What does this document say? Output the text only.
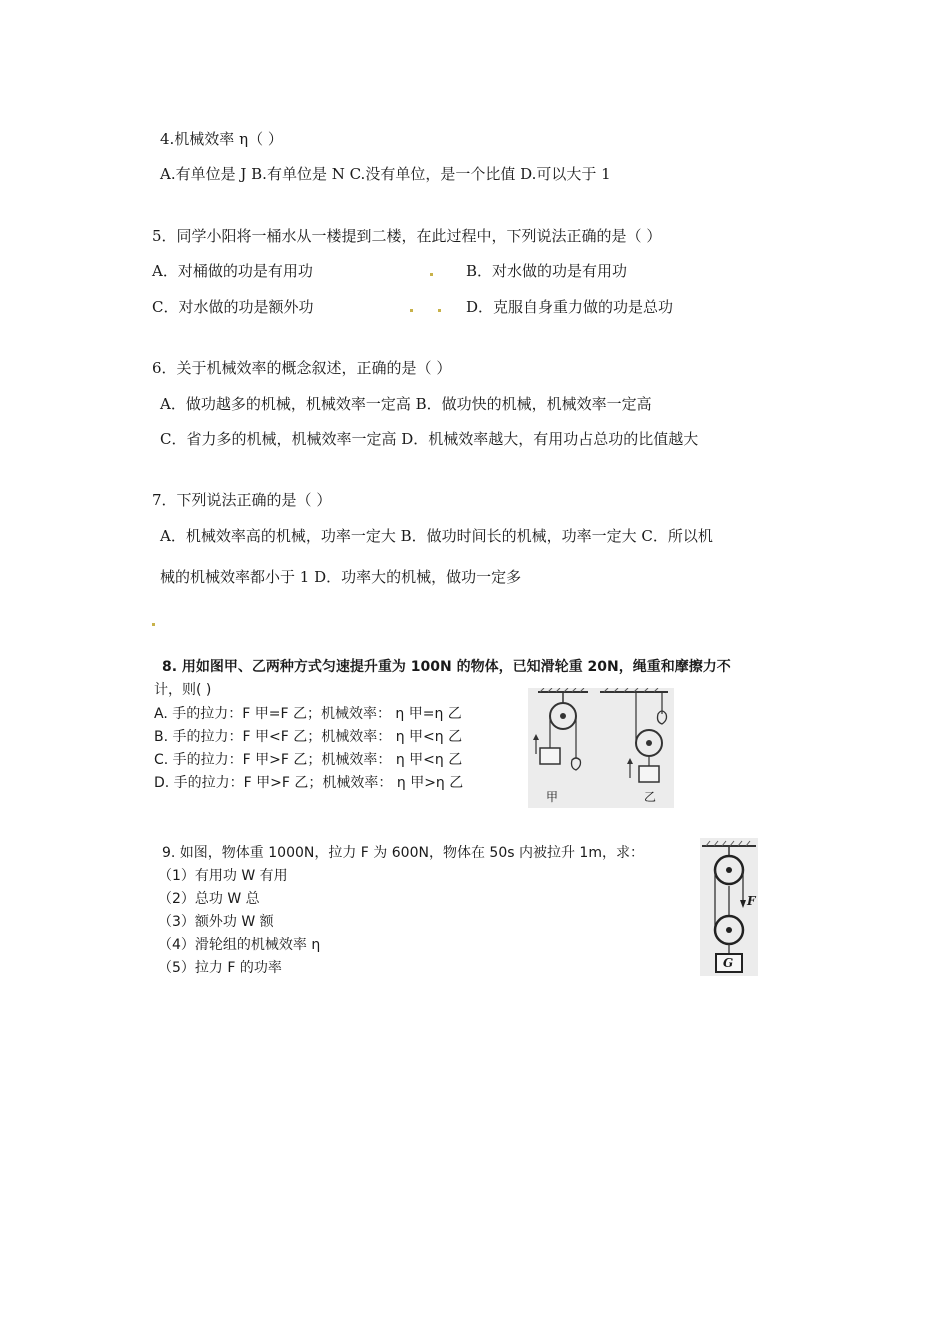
4.机械效率 η（ ）
A.有单位是 J B.有单位是 N C.没有单位，是一个比值 D.可以大于 1
5．同学小阳将一桶水从一楼提到二楼，在此过程中，下列说法正确的是（ ）
A．对桶做的功是有用功	B．对水做的功是有用功
C．对水做的功是额外功	D．克服自身重力做的功是总功
6．关于机械效率的概念叙述，正确的是（ ）
A．做功越多的机械，机械效率一定高 B．做功快的机械，机械效率一定高
C．省力多的机械，机械效率一定高 D．机械效率越大，有用功占总功的比值越大
7．下列说法正确的是（ ）
A．机械效率高的机械，功率一定大 B．做功时间长的机械，功率一定大 C．所以机
械的机械效率都小于 1 D．功率大的机械，做功一定多
8. 用如图甲、乙两种方式匀速提升重为 100N 的物体，已知滑轮重 20N，绳重和摩擦力不
计，则( )
A. 手的拉力：F 甲=F 乙；机械效率： η 甲=η 乙
B. 手的拉力：F 甲<F 乙；机械效率： η 甲<η 乙
C. 手的拉力：F 甲>F 乙；机械效率： η 甲<η 乙
D. 手的拉力：F 甲>F 乙；机械效率： η 甲>η 乙
甲	乙
9. 如图，物体重 1000N，拉力 F 为 600N，物体在 50s 内被拉升 1m，求：
（1）有用功 W 有用
（2）总功 W 总
（3）额外功 W 额
（4）滑轮组的机械效率 η
（5）拉力 F 的功率
F
G
